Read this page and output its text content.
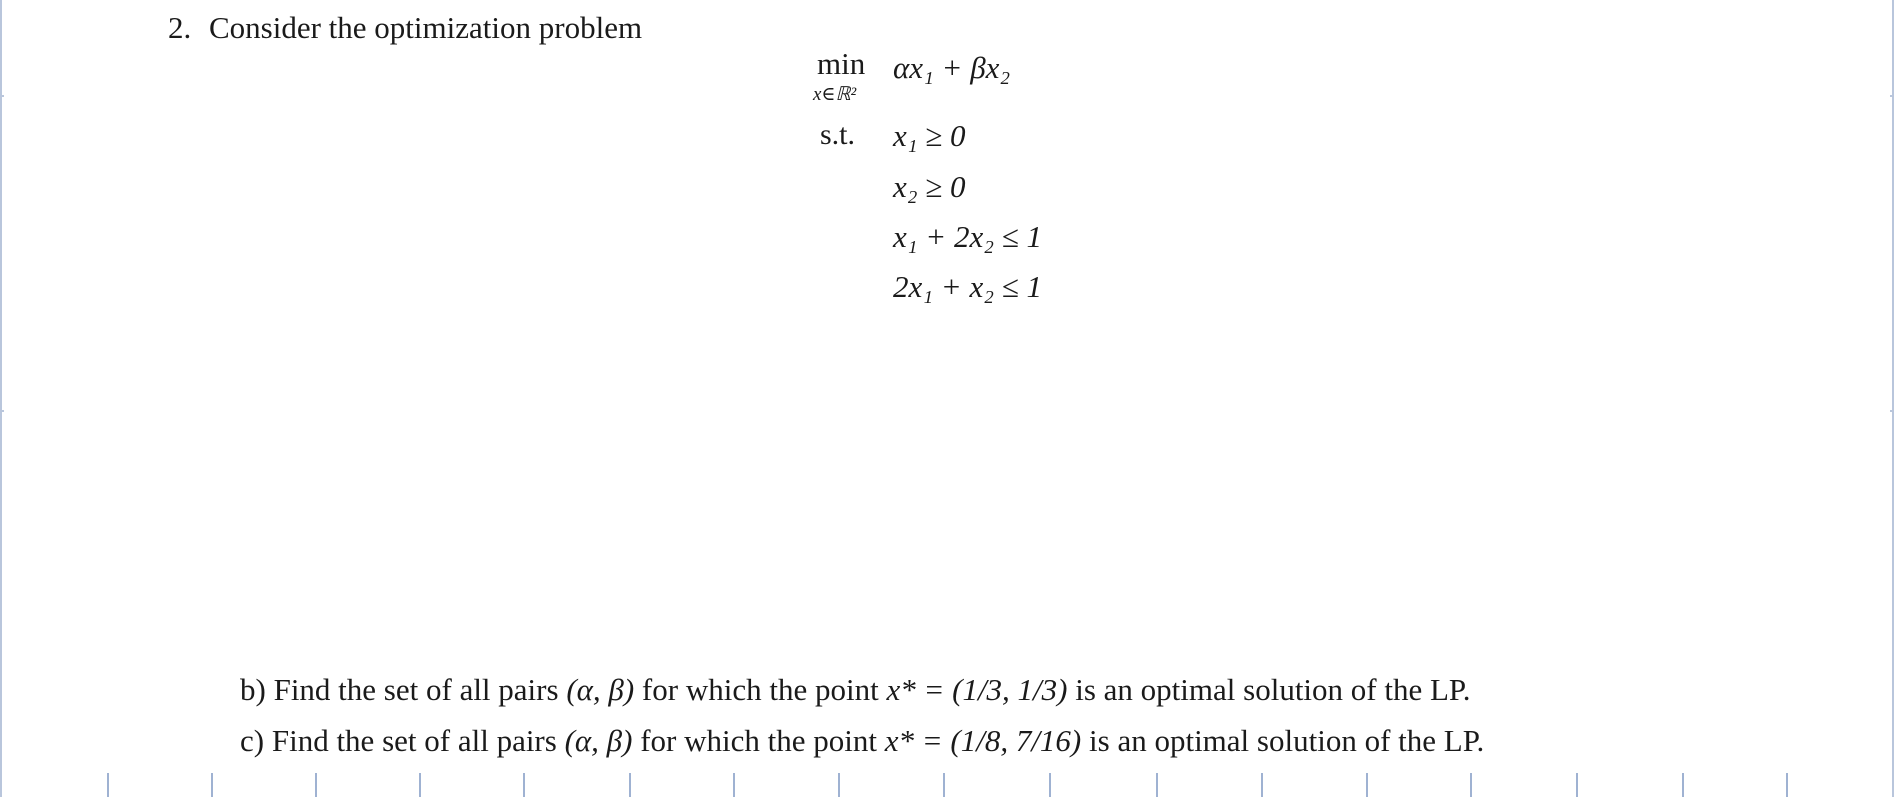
2. Consider the optimization problem
min
x∈ℝ²
αx₁ + βx₂
s.t. x₁ ≥ 0
x₂ ≥ 0
x₁ + 2x₂ ≤ 1
2x₁ + x₂ ≤ 1
b) Find the set of all pairs (α, β) for which the point x* = (1/3, 1/3) is an optimal solution of the LP.
c) Find the set of all pairs (α, β) for which the point x* = (1/8, 7/16) is an optimal solution of the LP.
